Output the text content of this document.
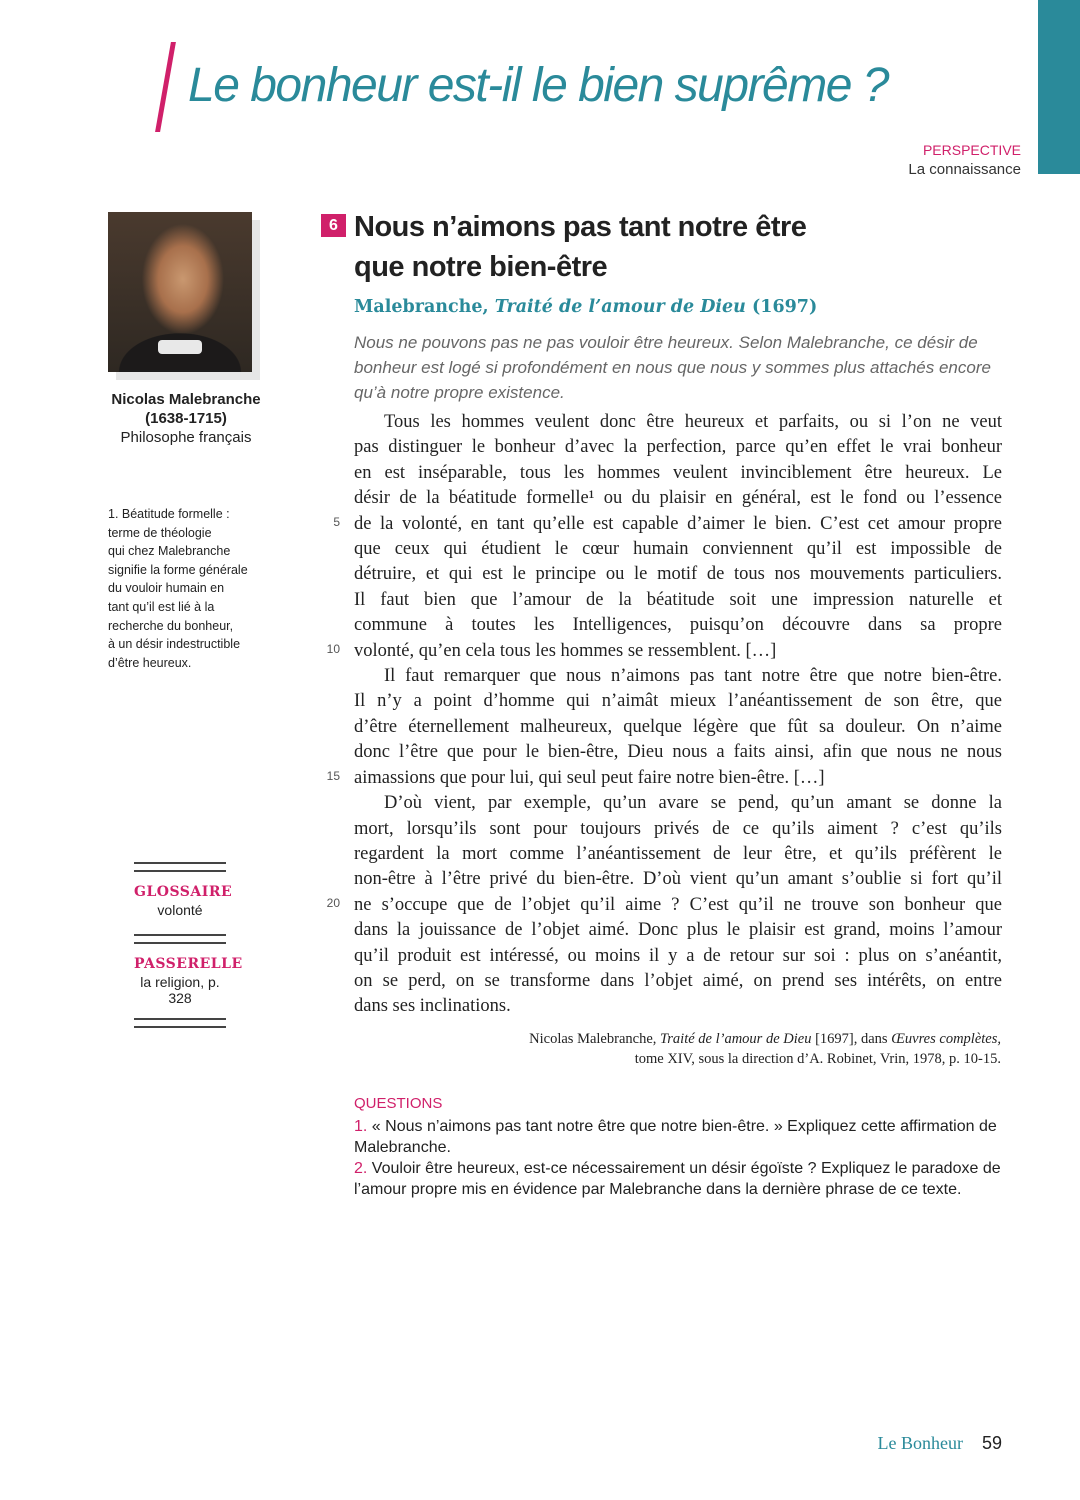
Le bonheur est-il le bien suprême ?
PERSPECTIVE
La connaissance
Nicolas Malebranche
(1638-1715)
Philosophe français
1. Béatitude formelle :
terme de théologie
qui chez Malebranche
signifie la forme générale
du vouloir humain en
tant qu’il est lié à la
recherche du bonheur,
à un désir indestructible
d’être heureux.
GLOSSAIRE
volonté
PASSERELLE
la religion, p. 328
6 Nous n’aimons pas tant notre être
que notre bien-être
Malebranche, Traité de l’amour de Dieu (1697)
Nous ne pouvons pas ne pas vouloir être heureux. Selon Malebranche, ce désir de bonheur est logé si profondément en nous que nous y sommes plus attachés encore qu’à notre propre existence.
5
10
15
20
Tous les hommes veulent donc être heureux et parfaits, ou si l’on ne veut
pas distinguer le bonheur d’avec la perfection, parce qu’en effet le vrai bonheur
en est inséparable, tous les hommes veulent invinciblement être heureux. Le
désir de la béatitude formelle¹ ou du plaisir en général, est le fond ou l’essence
de la volonté, en tant qu’elle est capable d’aimer le bien. C’est cet amour propre
que ceux qui étudient le cœur humain conviennent qu’il est impossible de
détruire, et qui est le principe ou le motif de tous nos mouvements particuliers.
Il faut bien que l’amour de la béatitude soit une impression naturelle et
commune à toutes les Intelligences, puisqu’on découvre dans sa propre
volonté, qu’en cela tous les hommes se ressemblent. […]
Il faut remarquer que nous n’aimons pas tant notre être que notre bien-être.
Il n’y a point d’homme qui n’aimât mieux l’anéantissement de son être, que
d’être éternellement malheureux, quelque légère que fût sa douleur. On n’aime
donc l’être que pour le bien-être, Dieu nous a faits ainsi, afin que nous ne nous
aimassions que pour lui, qui seul peut faire notre bien-être. […]
D’où vient, par exemple, qu’un avare se pend, qu’un amant se donne la
mort, lorsqu’ils sont pour toujours privés de ce qu’ils aiment ? c’est qu’ils
regardent la mort comme l’anéantissement de leur être, et qu’ils préfèrent le
non-être à l’être privé du bien-être. D’où vient qu’un amant s’oublie si fort qu’il
ne s’occupe que de l’objet qu’il aime ? C’est qu’il ne trouve son bonheur que
dans la jouissance de l’objet aimé. Donc plus le plaisir est grand, moins l’amour
qu’il produit est intéressé, ou moins il y a de retour sur soi : plus on s’anéantit,
on se perd, on se transforme dans l’objet aimé, on prend ses intérêts, on entre
dans ses inclinations.
Nicolas Malebranche, Traité de l’amour de Dieu [1697], dans Œuvres complètes,
tome XIV, sous la direction d’A. Robinet, Vrin, 1978, p. 10-15.
QUESTIONS
1. « Nous n’aimons pas tant notre être que notre bien-être. » Expliquez cette affirmation de Malebranche.
2. Vouloir être heureux, est-ce nécessairement un désir égoïste ? Expliquez le paradoxe de l’amour propre mis en évidence par Malebranche dans la dernière phrase de ce texte.
Le Bonheur 59
